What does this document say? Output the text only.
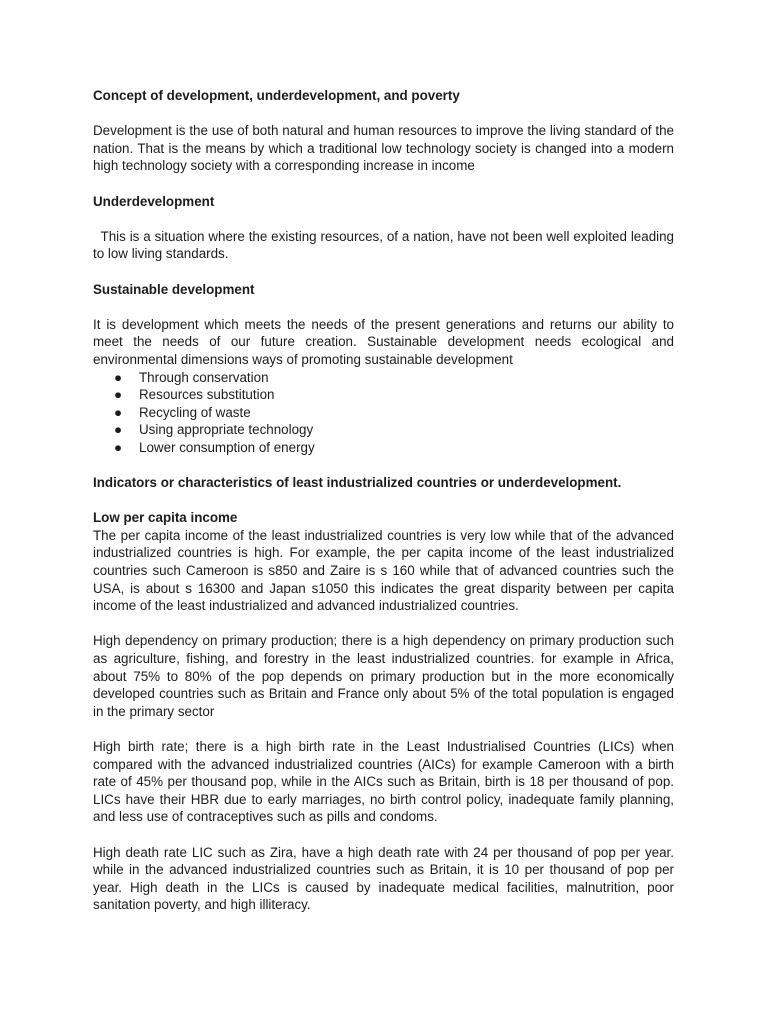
Concept of development, underdevelopment, and poverty

Development is the use of both natural and human resources to improve the living standard of the nation. That is the means by which a traditional low technology society is changed into a modern high technology society with a corresponding increase in income

Underdevelopment

This is a situation where the existing resources, of a nation, have not been well exploited leading to low living standards.

Sustainable development

It is development which meets the needs of the present generations and returns our ability to meet the needs of our future creation. Sustainable development needs ecological and environmental dimensions ways of promoting sustainable development

● Through conservation
● Resources substitution
● Recycling of waste
● Using appropriate technology
● Lower consumption of energy
Indicators or characteristics of least industrialized countries or underdevelopment.
Low per capita income

The per capita income of the least industrialized countries is very low while that of the advanced industrialized countries is high. For example, the per capita income of the least industrialized countries such Cameroon is s850 and Zaire is s 160 while that of advanced countries such the USA, is about s 16300 and Japan s1050 this indicates the great disparity between per capita income of the least industrialized and advanced industrialized countries.

High dependency on primary production; there is a high dependency on primary production such as agriculture, fishing, and forestry in the least industrialized countries. for example in Africa, about 75% to 80% of the pop depends on primary production but in the more economically developed countries such as Britain and France only about 5% of the total population is engaged in the primary sector

High birth rate; there is a high birth rate in the Least Industrialised Countries (LICs) when compared with the advanced industrialized countries (AICs) for example Cameroon with a birth rate of 45% per thousand pop, while in the AICs such as Britain, birth is 18 per thousand of pop. LICs have their HBR due to early marriages, no birth control policy, inadequate family planning, and less use of contraceptives such as pills and condoms.

High death rate LIC such as Zira, have a high death rate with 24 per thousand of pop per year. while in the advanced industrialized countries such as Britain, it is 10 per thousand of pop per year. High death in the LICs is caused by inadequate medical facilities, malnutrition, poor sanitation poverty, and high illiteracy.
